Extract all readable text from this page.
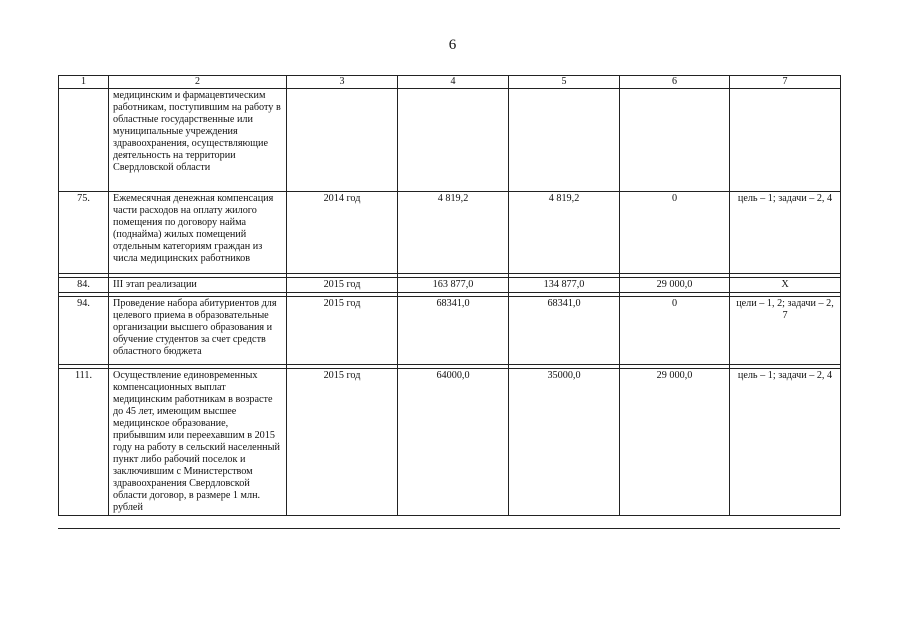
6
1	2	3	4	5	6	7
	медицинским и фармацевтическим работникам, поступившим на работу в областные государственные или муниципальные учреждения здравоохранения, осуществляющие деятельность на территории Свердловской области					
75.	Ежемесячная денежная компенсация части расходов на оплату жилого помещения по договору найма (поднайма) жилых помещений отдельным категориям граждан из числа медицинских работников	2014 год	4 819,2	4 819,2	0	цель – 1; задачи – 2, 4

84.	III этап реализации	2015 год	163 877,0	134 877,0	29 000,0	X

94.	Проведение набора абитуриентов для целевого приема в образовательные организации высшего образования и обучение студентов за счет средств областного бюджета	2015 год	68341,0	68341,0	0	цели – 1, 2; задачи – 2, 7

111.	Осуществление единовременных компенсационных выплат медицинским работникам в возрасте до 45 лет, имеющим высшее медицинское образование, прибывшим или переехавшим в 2015 году на работу в сельский населенный пункт либо рабочий поселок и заключившим с Министерством здравоохранения Свердловской области договор, в размере 1 млн. рублей	2015 год	64000,0	35000,0	29 000,0	цель – 1; задачи – 2, 4
